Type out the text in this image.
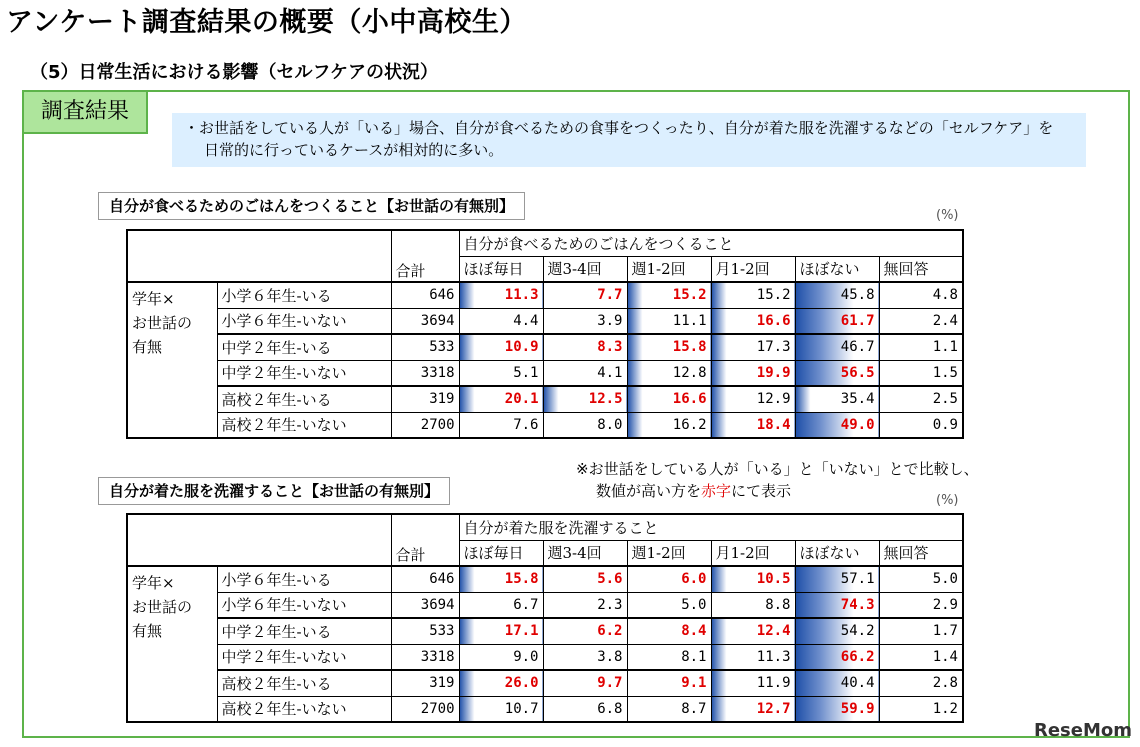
アンケート調査結果の概要（小中高校生）
（5）日常生活における影響（セルフケアの状況）
調査結果
・お世話をしている人が「いる」場合、自分が食べるための食事をつくったり、自分が着た服を洗濯するなどの「セルフケア」を
日常的に行っているケースが相対的に多い。
自分が食べるためのごはんをつくること【お世話の有無別】
(%)
		合計	自分が食べるためのごはんをつくること					
			ほぼ毎日	週3-4回	週1-2回	月1-2回	ほぼない	無回答

学年×
お世話の
有無	小学６年生-いる	646	11.3	7.7	15.2	15.2	45.8	4.8
	小学６年生-いない	3694	4.4	3.9	11.1	16.6	61.7	2.4
	中学２年生-いる	533	10.9	8.3	15.8	17.3	46.7	1.1
	中学２年生-いない	3318	5.1	4.1	12.8	19.9	56.5	1.5
	高校２年生-いる	319	20.1	12.5	16.6	12.9	35.4	2.5
	高校２年生-いない	2700	7.6	8.0	16.2	18.4	49.0	0.9
※お世話をしている人が「いる」と「いない」とで比較し、
数値が高い方を赤字にて表示
自分が着た服を洗濯すること【お世話の有無別】
(%)
		合計	自分が着た服を洗濯すること					
			ほぼ毎日	週3-4回	週1-2回	月1-2回	ほぼない	無回答

学年×
お世話の
有無	小学６年生-いる	646	15.8	5.6	6.0	10.5	57.1	5.0
	小学６年生-いない	3694	6.7	2.3	5.0	8.8	74.3	2.9
	中学２年生-いる	533	17.1	6.2	8.4	12.4	54.2	1.7
	中学２年生-いない	3318	9.0	3.8	8.1	11.3	66.2	1.4
	高校２年生-いる	319	26.0	9.7	9.1	11.9	40.4	2.8
	高校２年生-いない	2700	10.7	6.8	8.7	12.7	59.9	1.2
ReseMom
